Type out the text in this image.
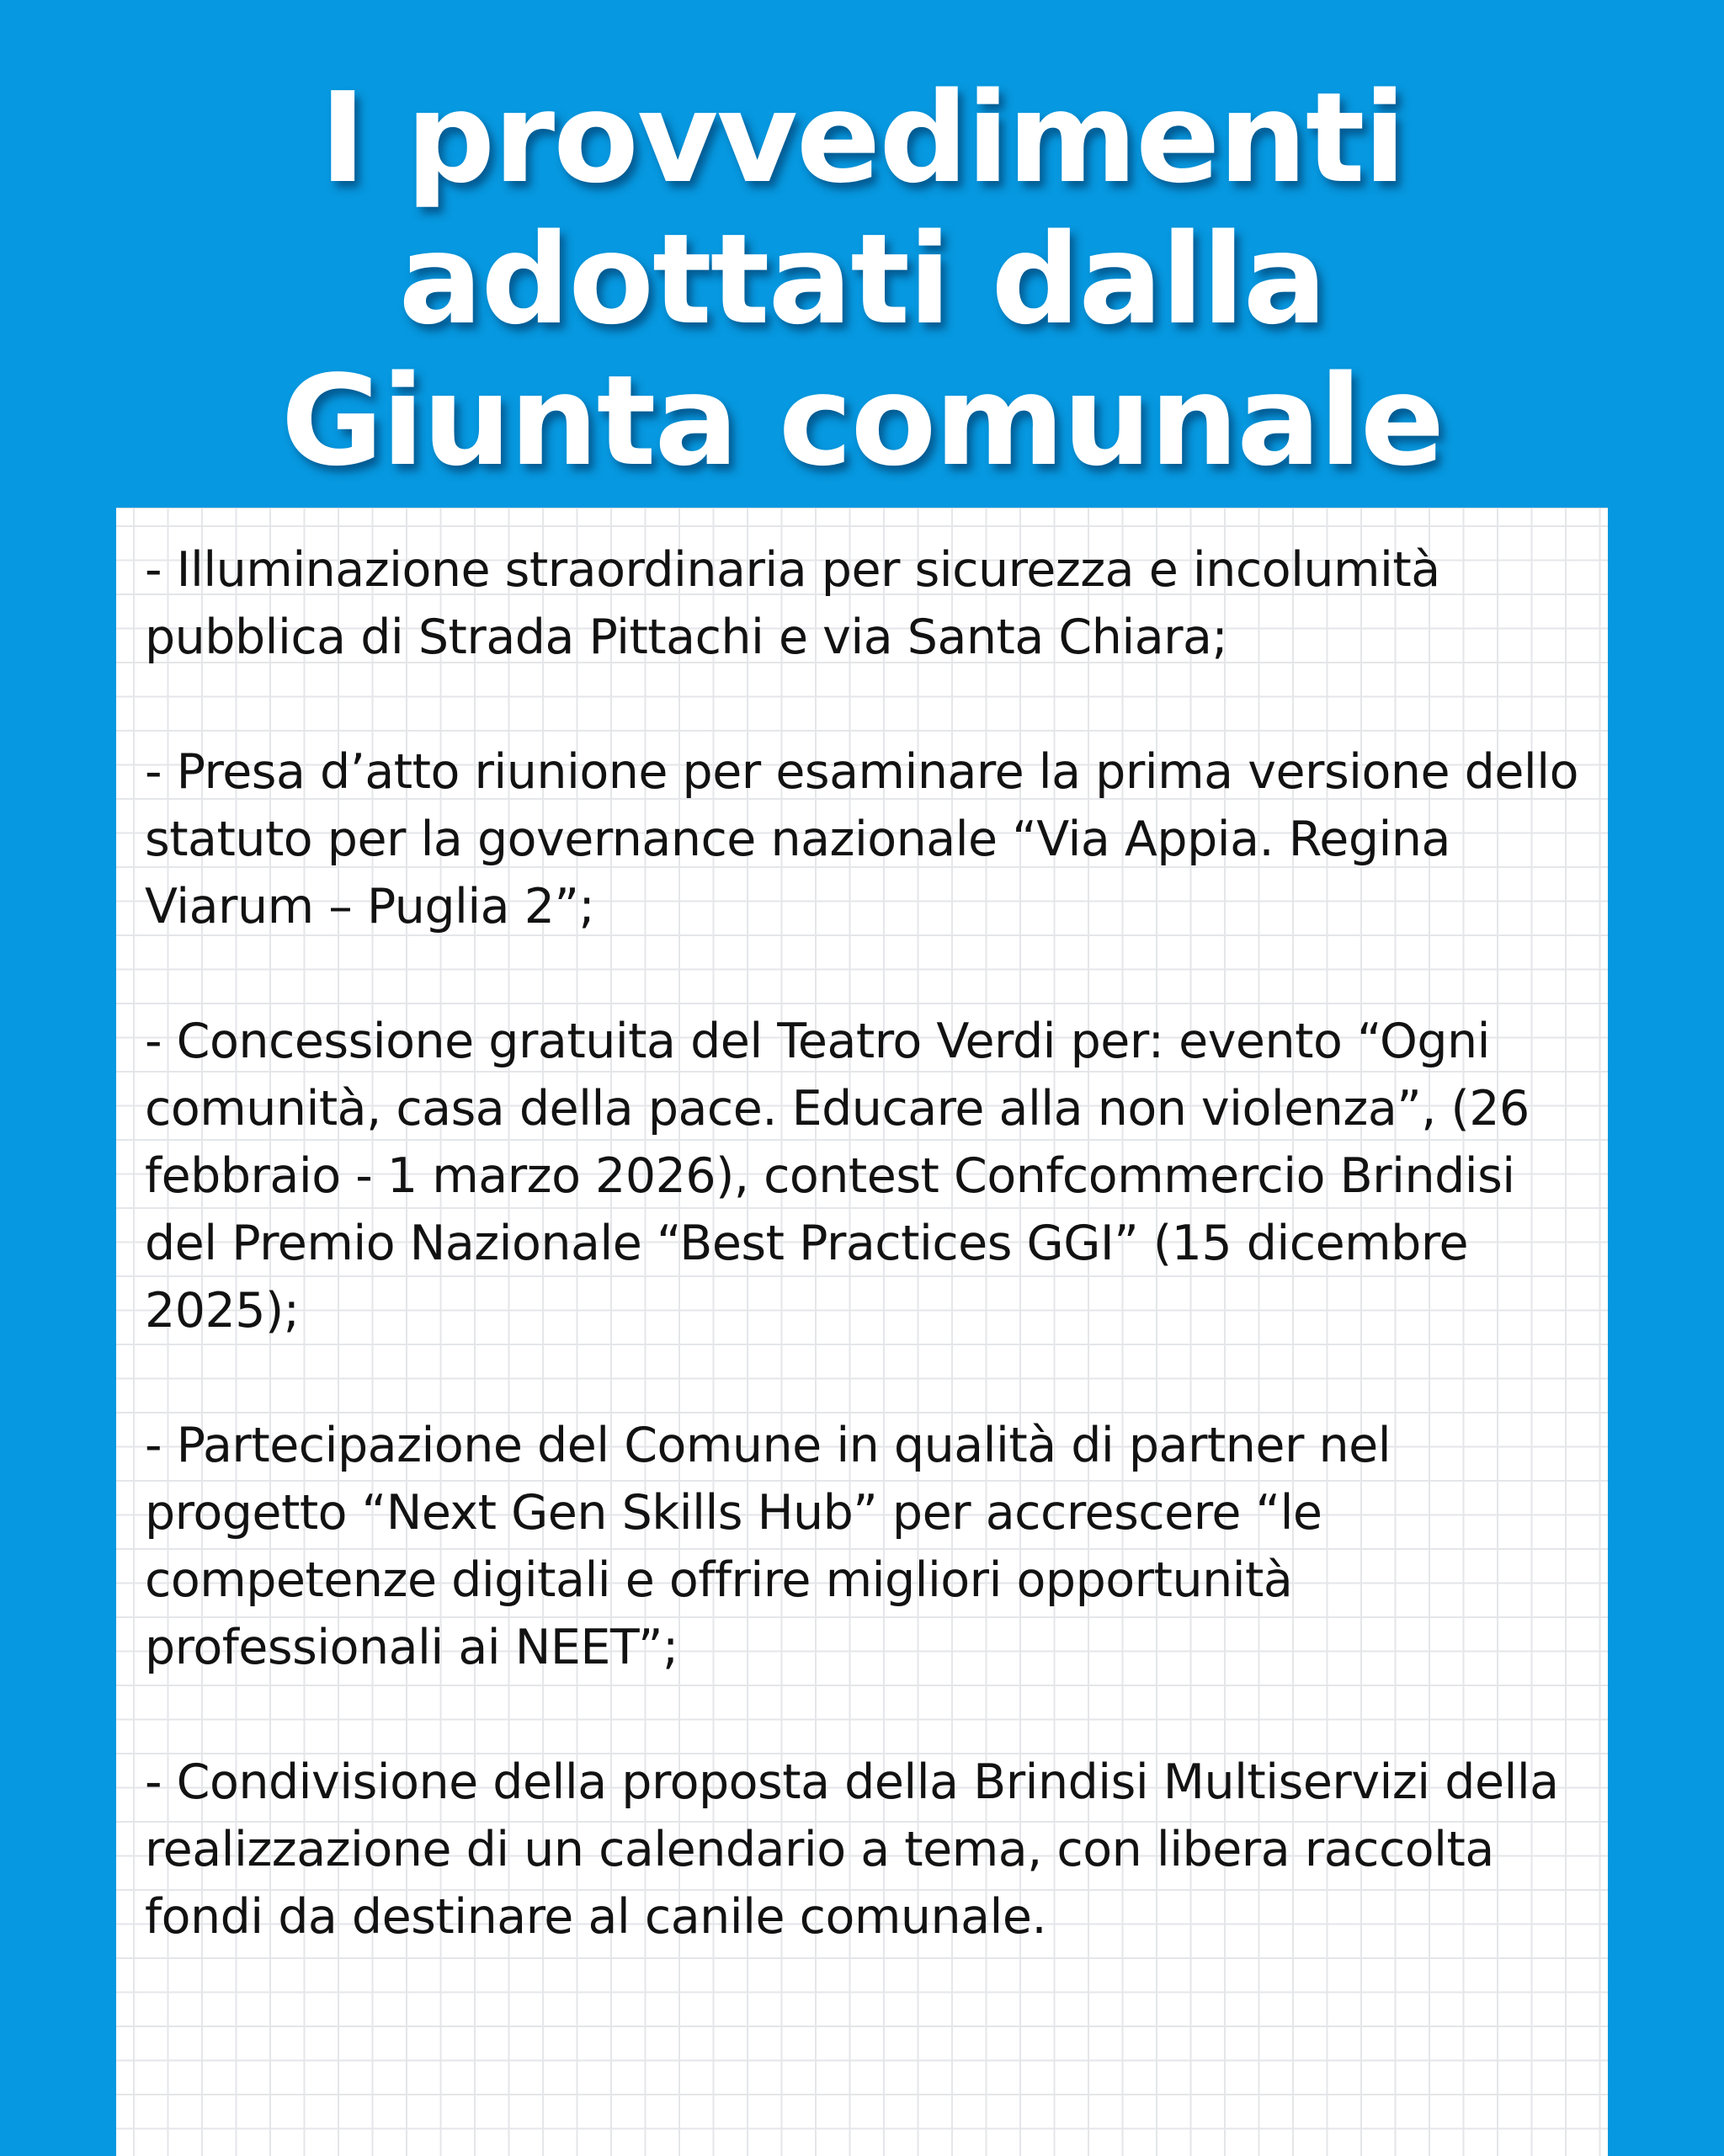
I provvedimenti
adottati dalla
Giunta comunale
- Illuminazione straordinaria per sicurezza e incolumità pubblica di Strada Pittachi e via Santa Chiara;
- Presa d’atto riunione per esaminare la prima versione dello statuto per la governance nazionale “Via Appia. Regina Viarum – Puglia 2”;
- Concessione gratuita del Teatro Verdi per: evento “Ogni comunità, casa della pace. Educare alla non violenza”, (26 febbraio - 1 marzo 2026), contest Confcommercio Brindisi del Premio Nazionale “Best Practices GGI” (15 dicembre 2025);
- Partecipazione del Comune in qualità di partner nel progetto “Next Gen Skills Hub” per accrescere “le competenze digitali e offrire migliori opportunità professionali ai NEET”;
- Condivisione della proposta della Brindisi Multiservizi della realizzazione di un calendario a tema, con libera raccolta fondi da destinare al canile comunale.
